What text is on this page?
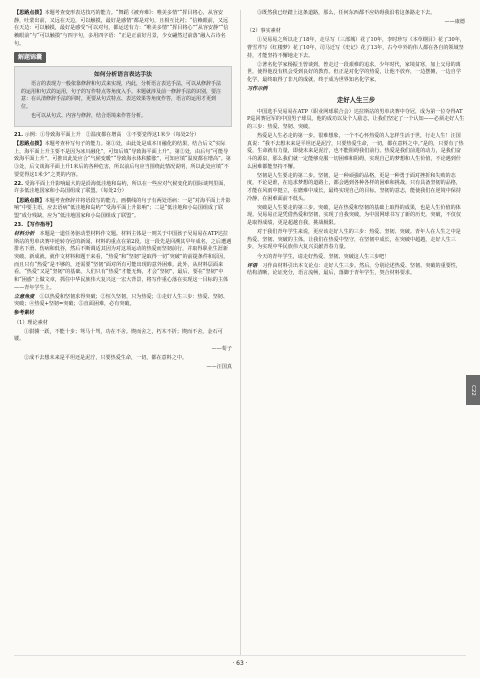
【思路点拨】本题考查变形表达技巧的能力。“舞蹈《被弃难》：唯美多情”“挥目将心，从容安静，吐蒙出前，又远在天边，可以触摸，最好是感情”都是对句，且相互比衬；“信赖眼前，又远在天边：可以触摸，最好是感受”可以对句，都运送有力：“唯美多情”“挥目将心”“从容安静”“信赖眼前”与“可以触摸”与四字句，多用四字语：“正是正前好月景，少女翩然过前落”融入古诗名句。

解题锦囊
如何分析语言表达手法

语言的表现力一般依靠修辞和句式来实现，内此，分析语言表达手法，可以从修辞手法的运用和句式的运用，句子的写作特点等角度入手。本题就涉及前一修辞手法的识别，要注意：在认清修辞手法的同时，更要从句式特点、表达效果等角度作答，语言的运用才更到位。

也可以从句式、内容与修辞，结合语境来作答分析。

21. 示例：①导致海平面上升　②温度都在增高　③不要觉得这1米少（每处2分）

【思路点拨】本题考查补写句子的能力。第①处，由此处是成本川融化的结果，结合后文“实际上，海平面上升主要不是因为冰川融化”，可知后填“导致海平面上升”。第②处，由后句“可能导致海平面上升”，可推出此处应合“气候变暖”“导致海水体积膨胀”，可知应填“温度都在增高”。第③处，后文谈海平面上升1米后的各种危害，所以前后句应当围绕此情况说明，所以此处应填“不要觉得这1米少”之类的内容。

22. 受海平面上升影响最大的是沿海低洼地和岛屿，所以在一些应对气候变化的国际谈判里面，许多低洼地国家和小岛国组成了联盟。（每处2分）

【思路点拨】本题考查修辞并将语段写的能力。画横线的句子有两处语病：一是“对海平面上升影响”中要主语，应去语病“低洼地和岛屿”“受海平面上升影响”；二是“低洼地和小岛国组成了联盟”成分残缺，应为“低洼地国家和小岛国组成了联盟”。

23. 【写作指导】

材料分析　 本题是一道任务驱动型材料作文题。材料主体是一则关于中国孩子吴易易在ATP达拉斯站的男单决赛中逆转夺冠的新闻，材料的重点在第2段。这一段先是回溯其早年成名，之后遭遇排名下滑、伤病和低谷，然后不断调适其因为对这项运动的热爱而坚韧前行，并取得职业生涯新突破、新成就。就作文材料和题干来看，“热爱”和“坚韧”是取得一切“突破”的前提条件和原因，而且只有“热爱”是不够的，还需要“坚韧”面对所有可能出现的意外困难。此外，从材料层面来看，“热爱”又是“坚韧”的基础。人们只有“热爱”才能无悔，才会“坚韧”，最后，要在“坚韧”中和“困惑”上做文章，抓住中华民族伟大复兴这一宏大背景，将写作重心落在实现这一目标的主体——青年学生上。

立意角度　 ①以热爱和坚韧求得突破；②恒久坚韧，只为热爱；③走好人生三步：热爱、坚韧、突破；④热爱+坚韧=突破；⑤直面困难，必有突破。

参考素材

（1）理论素材

①骐骥一跃，不能十步；驽马十驾，功在不舍。锲而舍之，朽木不折；锲而不舍，金石可镂。

——荀子

②成不去想未来是平坦还是泥泞，只要热爱生命，一切，都在意料之中。

——汪国真

③既然我已经踏上这条道路，那么，任何东西都不应妨碍我沿着这条路走下去。

——康德

（2）事实素材

①吴易易之所以走了18年，走尽写（三部城）花了10年，李时珍写《本草纲目》花了30年，曹雪芹写《红楼梦》花了10年，司马迁写《史记》花了13年，古今中外的伟人都在各自的领域坚持，才能坚持不懈地走下去。

②著名化学家杨振玉曾谈到，曾走过一段艰难的追求，少年时代，家境贫寒，加上父母的离世，使得他没有机会受到良好的教育。但正是对化学的热爱，让他不放弃，一边摆摊，一边自学化学，最终取得了非凡的成就，终于成为世界知名化学家。

习作示例

走好人生三步

中国选手吴易易在ATP（职业网球联合会）达拉斯站的男单决赛中夺冠，成为第一位夺得ATP巡回赛冠军的中国男子球员。他的成功以及个人励志，让我们坚定了一个认知——必须走好人生的三步：热爱、坚韧、突破。

热爱是人生必走的第一步。很难想象，一个不心怀热爱的人怎样生活于世，行走人生！汪国真说：“我不去想未来是平坦还是泥泞，只要热爱生命，一切，都在意料之中。”是的，只要有了热爱，生命就有力量，即使未来是泥泞，也不能阻碍我们前行。热爱是我们前进的动力，是我们奋斗的源泉，那么我们就一定能够克服一切困难和阻碍，实现自己的梦想和人生价值，不论遇到什么困难都能坚持不懈。

坚韧是人生要走的第二步。坚韧，是一种顽强的品格，更是一种勇于面对挫折和失败的态度，不论是谁，在追求梦想的道路上，都会遇到各种各样的困难和挑战。只有具备坚韧的品格，才能在风雨中挺立，在磨难中成长，最终实现自己的目标。坚韧的意志，能使我们在逆境中保持冷静，在困难面前不低头。

突破是人生要走的第三步。突破，是在热爱和坚韧的基础上取得的成果，也是人生价值的体现。吴易易正是凭借热爱和坚韧，实现了自我突破，为中国网球书写了新的历史。突破，不仅仅是取得成绩，更是超越自我，挑战极限。

对于我们青年学生来说，更应该走好人生的三步：热爱、坚韧、突破。青年人在人生之中是热爱、坚韧、突破的主体。让我们在热爱中坚守，在坚韧中成长，在突破中超越，走好人生三步，为实现中华民族伟大复兴贡献青春力量。

今天的青年学生，请走好热爱、坚韧、突破这人生三步吧！

评语　 习作由材料引出本文论点：走好人生三步。然后，分别论述热爱、坚韧、突破的重要性，结构清晰，论证充分，语言流畅，最后，落脚于青年学生，契合材料要求。

C22
· 63 ·
